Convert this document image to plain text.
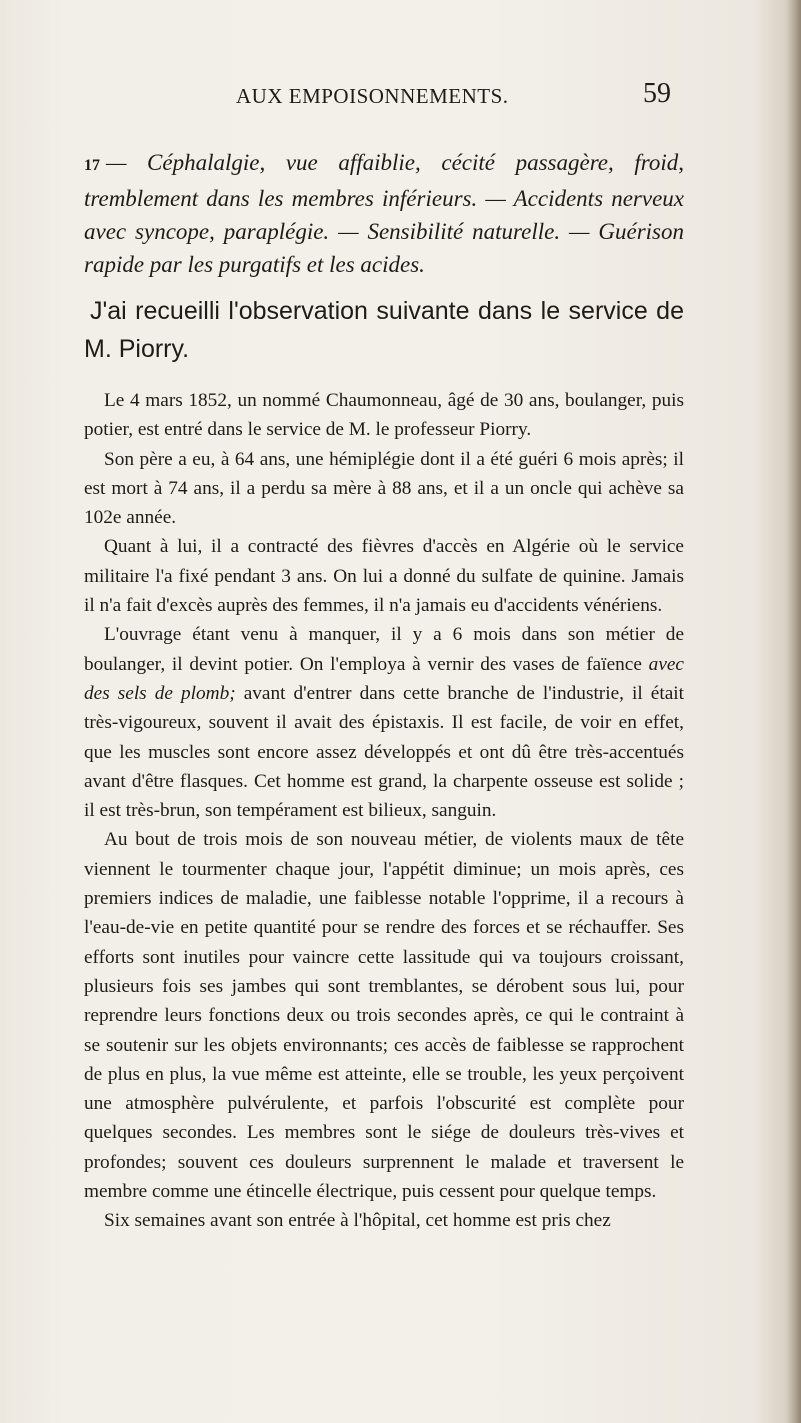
AUX EMPOISONNEMENTS.	59
17 — Céphalalgie, vue affaiblie, cécité passagère, froid, tremblement dans les membres inférieurs. — Accidents nerveux avec syncope, paraplégie. — Sensibilité naturelle. — Guérison rapide par les purgatifs et les acides.
J'ai recueilli l'observation suivante dans le service de M. Piorry.

Le 4 mars 1852, un nommé Chaumonneau, âgé de 30 ans, boulanger, puis potier, est entré dans le service de M. le professeur Piorry.

Son père a eu, à 64 ans, une hémiplégie dont il a été guéri 6 mois après; il est mort à 74 ans, il a perdu sa mère à 88 ans, et il a un oncle qui achève sa 102e année.

Quant à lui, il a contracté des fièvres d'accès en Algérie où le service militaire l'a fixé pendant 3 ans. On lui a donné du sulfate de quinine. Jamais il n'a fait d'excès auprès des femmes, il n'a jamais eu d'accidents vénériens.

L'ouvrage étant venu à manquer, il y a 6 mois dans son métier de boulanger, il devint potier. On l'employa à vernir des vases de faïence avec des sels de plomb; avant d'entrer dans cette branche de l'industrie, il était très-vigoureux, souvent il avait des épistaxis. Il est facile, de voir en effet, que les muscles sont encore assez développés et ont dû être très-accentués avant d'être flasques. Cet homme est grand, la charpente osseuse est solide ; il est très-brun, son tempérament est bilieux, sanguin.

Au bout de trois mois de son nouveau métier, de violents maux de tête viennent le tourmenter chaque jour, l'appétit diminue; un mois après, ces premiers indices de maladie, une faiblesse notable l'opprime, il a recours à l'eau-de-vie en petite quantité pour se rendre des forces et se réchauffer. Ses efforts sont inutiles pour vaincre cette lassitude qui va toujours croissant, plusieurs fois ses jambes qui sont tremblantes, se dérobent sous lui, pour reprendre leurs fonctions deux ou trois secondes après, ce qui le contraint à se soutenir sur les objets environnants; ces accès de faiblesse se rapprochent de plus en plus, la vue même est atteinte, elle se trouble, les yeux perçoivent une atmosphère pulvérulente, et parfois l'obscurité est complète pour quelques secondes. Les membres sont le siége de douleurs très-vives et profondes; souvent ces douleurs surprennent le malade et traversent le membre comme une étincelle électrique, puis cessent pour quelque temps.

Six semaines avant son entrée à l'hôpital, cet homme est pris chez
